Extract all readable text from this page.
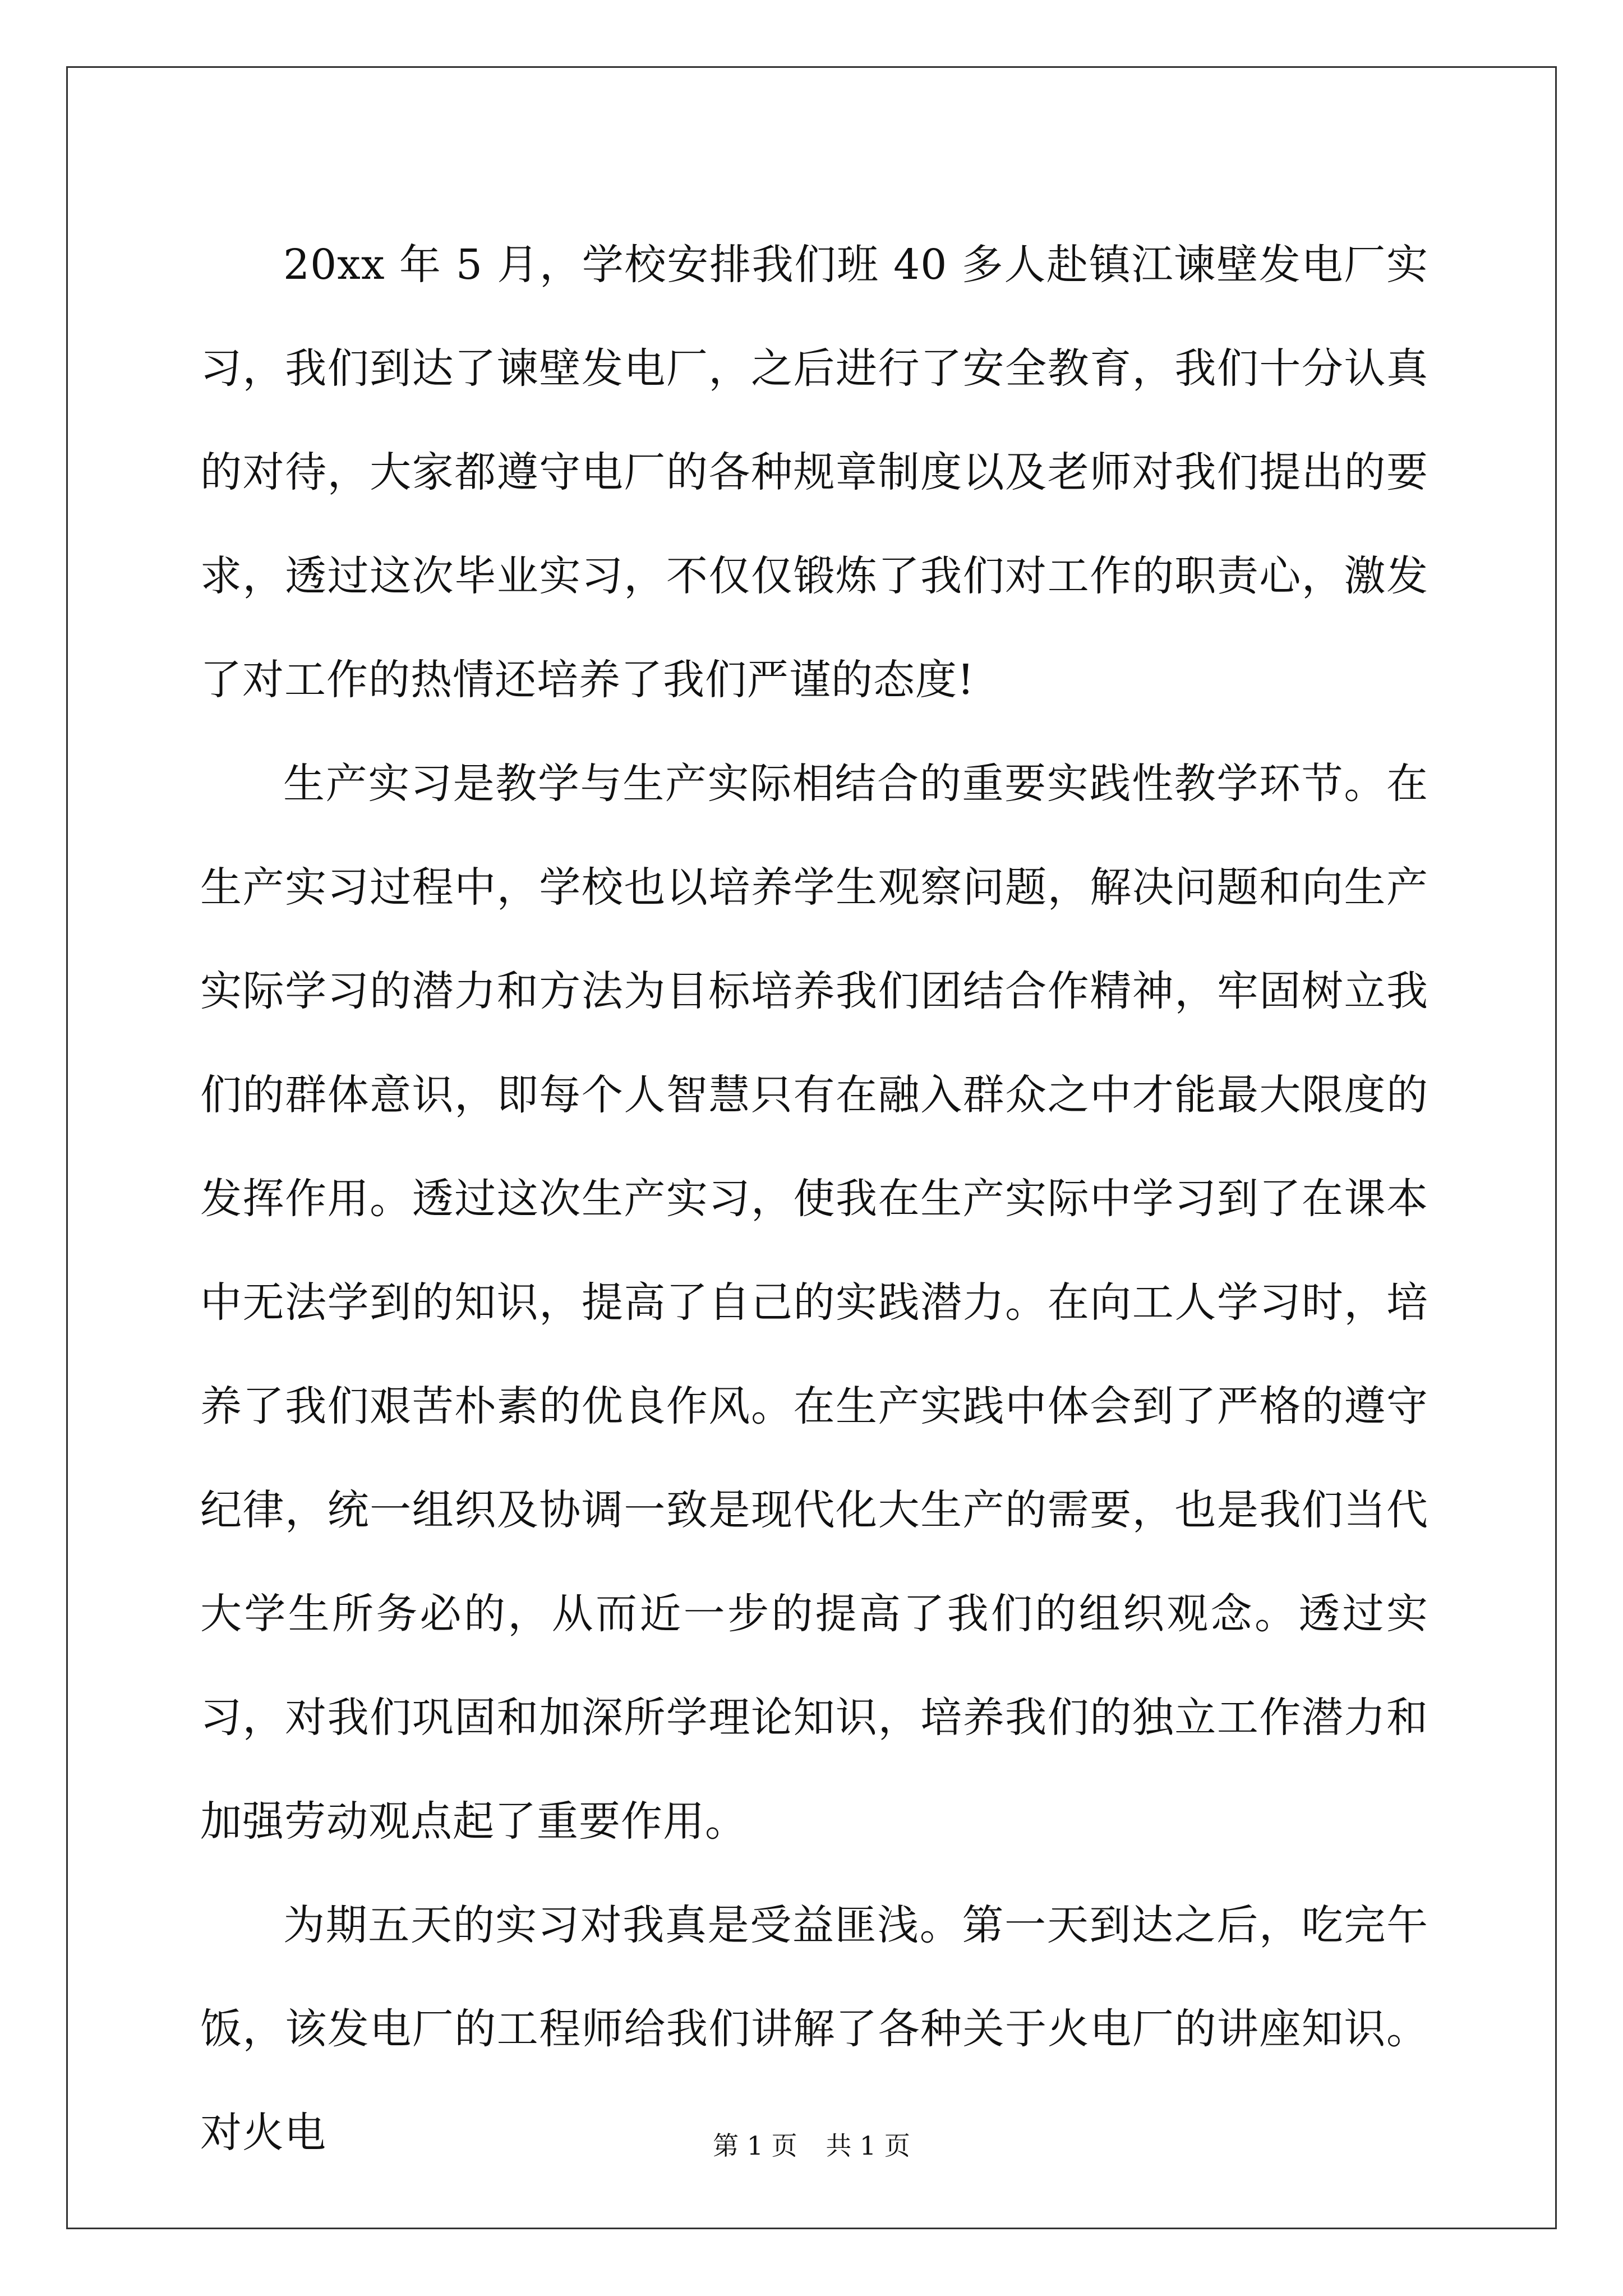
20xx 年 5 月，学校安排我们班 40 多人赴镇江谏壁发电厂实习，我们到达了谏壁发电厂，之后进行了安全教育，我们十分认真的对待，大家都遵守电厂的各种规章制度以及老师对我们提出的要求，透过这次毕业实习，不仅仅锻炼了我们对工作的职责心，激发了对工作的热情还培养了我们严谨的态度!

生产实习是教学与生产实际相结合的重要实践性教学环节。在生产实习过程中，学校也以培养学生观察问题，解决问题和向生产实际学习的潜力和方法为目标培养我们团结合作精神，牢固树立我们的群体意识，即每个人智慧只有在融入群众之中才能最大限度的发挥作用。透过这次生产实习，使我在生产实际中学习到了在课本中无法学到的知识，提高了自己的实践潜力。在向工人学习时，培养了我们艰苦朴素的优良作风。在生产实践中体会到了严格的遵守纪律，统一组织及协调一致是现代化大生产的需要，也是我们当代大学生所务必的，从而近一步的提高了我们的组织观念。透过实习，对我们巩固和加深所学理论知识，培养我们的独立工作潜力和加强劳动观点起了重要作用。

为期五天的实习对我真是受益匪浅。第一天到达之后，吃完午饭，该发电厂的工程师给我们讲解了各种关于火电厂的讲座知识。对火电	第 1 页 共 1 页
